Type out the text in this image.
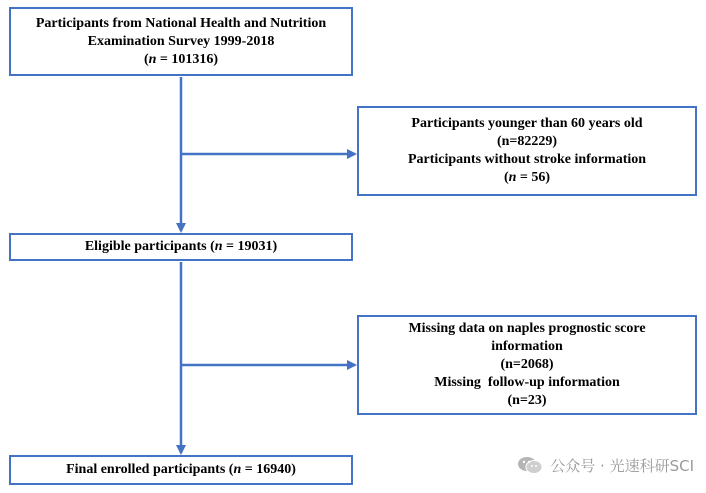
Participants from National Health and Nutrition
Examination Survey 1999-2018
(n = 101316)
Participants younger than 60 years old
(n=82229)
Participants without stroke information
(n = 56)
Eligible participants (n = 19031)
Missing data on naples prognostic score
information
(n=2068)
Missing  follow-up information
(n=23)
Final enrolled participants (n = 16940)	公众号 · 光速科研SCI
